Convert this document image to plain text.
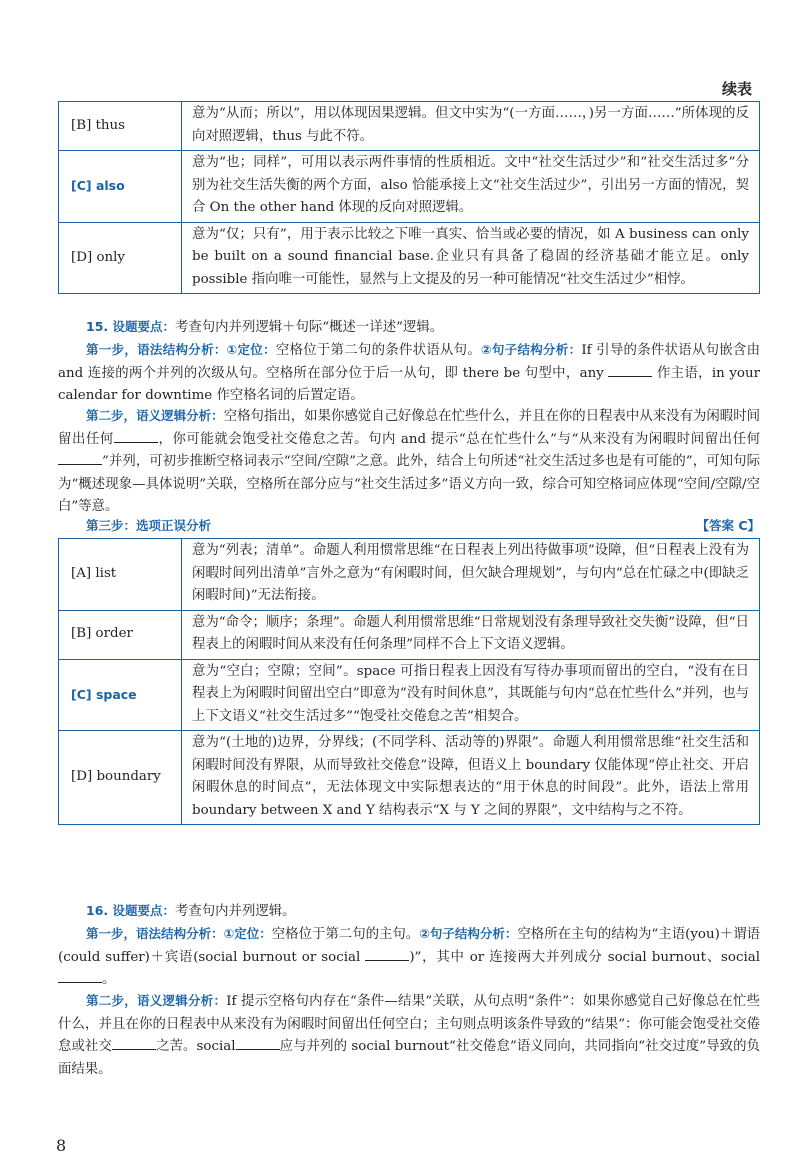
续表
[B] thus	意为“从而；所以”，用以体现因果逻辑。但文中实为“(一方面……，)另一方面……”所体现的反向对照逻辑，thus 与此不符。
[C] also	意为“也；同样”，可用以表示两件事情的性质相近。文中“社交生活过少”和“社交生活过多”分别为社交生活失衡的两个方面，also 恰能承接上文“社交生活过少”，引出另一方面的情况，契合 On the other hand 体现的反向对照逻辑。
[D] only	意为“仅；只有”，用于表示比较之下唯一真实、恰当或必要的情况，如 A business can only be built on a sound financial base.企业只有具备了稳固的经济基础才能立足。only possible 指向唯一可能性，显然与上文提及的另一种可能情况“社交生活过少”相悖。
15. 设题要点：考查句内并列逻辑＋句际“概述一详述”逻辑。
第一步，语法结构分析：①定位：空格位于第二句的条件状语从句。②句子结构分析：If 引导的条件状语从句嵌含由 and 连接的两个并列的次级从句。空格所在部分位于后一从句，即 there be 句型中，any	作主语，in your calendar for downtime 作空格名词的后置定语。
第二步，语义逻辑分析：空格句指出，如果你感觉自己好像总在忙些什么，并且在你的日程表中从来没有为闲暇时间留出任何	，你可能就会饱受社交倦怠之苦。句内 and 提示“总在忙些什么”与“从来没有为闲暇时间留出任何”并列，可初步推断空格词表示“空间/空隙”之意。此外，结合上句所述“社交生活过多也是有可能的”，可知句际为“概述现象—具体说明”关联，空格所在部分应与“社交生活过多”语义方向一致，综合可知空格词应体现“空间/空隙/空白”等意。
第三步：选项正误分析	【答案 C】
[A] list	意为“列表；清单”。命题人利用惯常思维“在日程表上列出待做事项”设障，但“日程表上没有为闲暇时间列出清单”言外之意为“有闲暇时间，但欠缺合理规划”，与句内“总在忙碌之中(即缺乏闲暇时间)”无法衔接。
[B] order	意为“命令；顺序；条理”。命题人利用惯常思维“日常规划没有条理导致社交失衡”设障，但“日程表上的闲暇时间从来没有任何条理”同样不合上下文语义逻辑。
[C] space	意为“空白；空隙；空间”。space 可指日程表上因没有写待办事项而留出的空白，“没有在日程表上为闲暇时间留出空白”即意为“没有时间休息”，其既能与句内“总在忙些什么”并列，也与上下文语义“社交生活过多”“饱受社交倦怠之苦”相契合。
[D] boundary	意为“(土地的)边界，分界线；(不同学科、活动等的)界限”。命题人利用惯常思维“社交生活和闲暇时间没有界限，从而导致社交倦怠”设障，但语义上 boundary 仅能体现“停止社交、开启闲暇休息的时间点”，无法体现文中实际想表达的“用于休息的时间段”。此外，语法上常用 boundary between X and Y 结构表示“X 与 Y 之间的界限”，文中结构与之不符。
16. 设题要点：考查句内并列逻辑。
第一步，语法结构分析：①定位：空格位于第二句的主句。②句子结构分析：空格所在主句的结构为“主语(you)＋谓语(could suffer)＋宾语(social burnout or social	)”，其中 or 连接两大并列成分 social burnout、social 。
第二步，语义逻辑分析：If 提示空格句内存在“条件—结果”关联，从句点明“条件”：如果你感觉自己好像总在忙些什么，并且在你的日程表中从来没有为闲暇时间留出任何空白；主句则点明该条件导致的“结果”：你可能会饱受社交倦怠或社交	之苦。social	应与并列的 social burnout“社交倦怠”语义同向，共同指向“社交过度”导致的负面结果。
8
